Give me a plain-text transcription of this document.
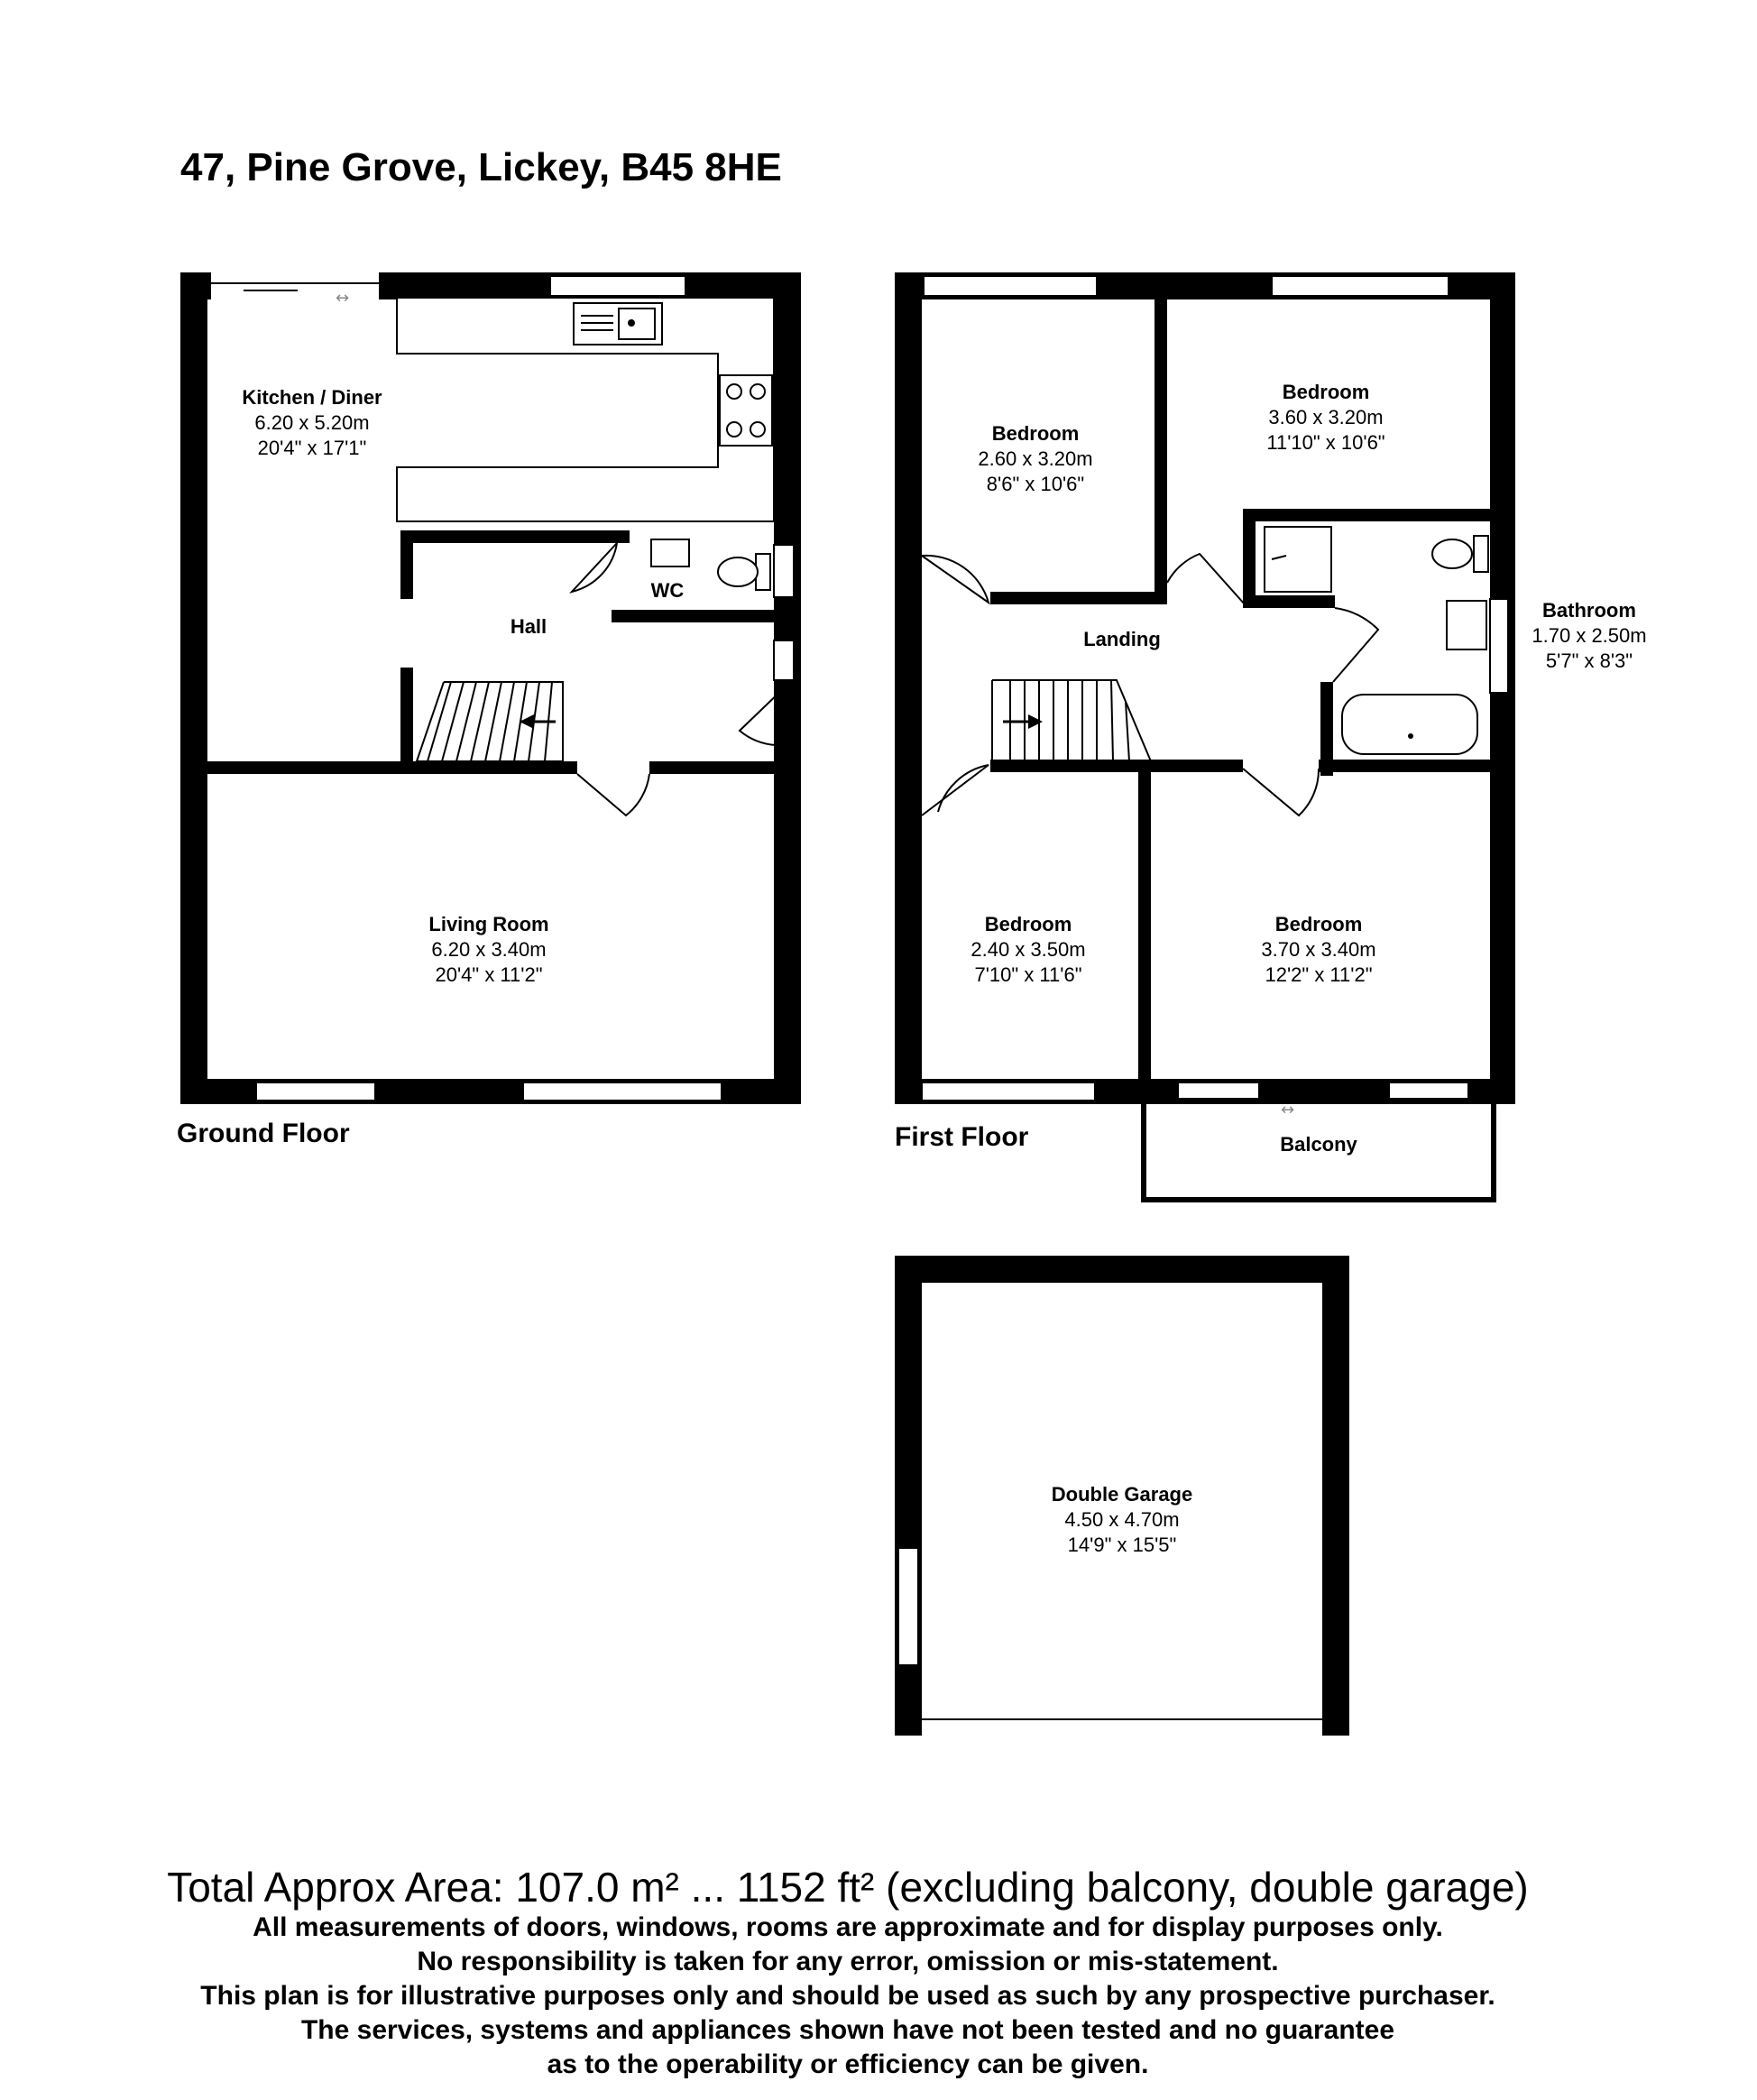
47, Pine Grove, Lickey, B45 8HE
↔
Kitchen / Diner
6.20 x 5.20m
20'4" x 17'1"
WC
Hall
Living Room
6.20 x 3.40m
20'4" x 11'2"
Ground Floor
↔
Bedroom
2.60 x 3.20m
8'6" x 10'6"
Bedroom
3.60 x 3.20m
11'10" x 10'6"
Bathroom
1.70 x 2.50m
5'7" x 8'3"
Landing
Bedroom
2.40 x 3.50m
7'10" x 11'6"
Bedroom
3.70 x 3.40m
12'2" x 11'2"
Balcony
First Floor
Double Garage
4.50 x 4.70m
14'9" x 15'5"
Total Approx Area: 107.0 m² ... 1152 ft² (excluding balcony, double garage)
All measurements of doors, windows, rooms are approximate and for display purposes only.
No responsibility is taken for any error, omission or mis-statement.
This plan is for illustrative purposes only and should be used as such by any prospective purchaser.
The services, systems and appliances shown have not been tested and no guarantee
as to the operability or efficiency can be given.
